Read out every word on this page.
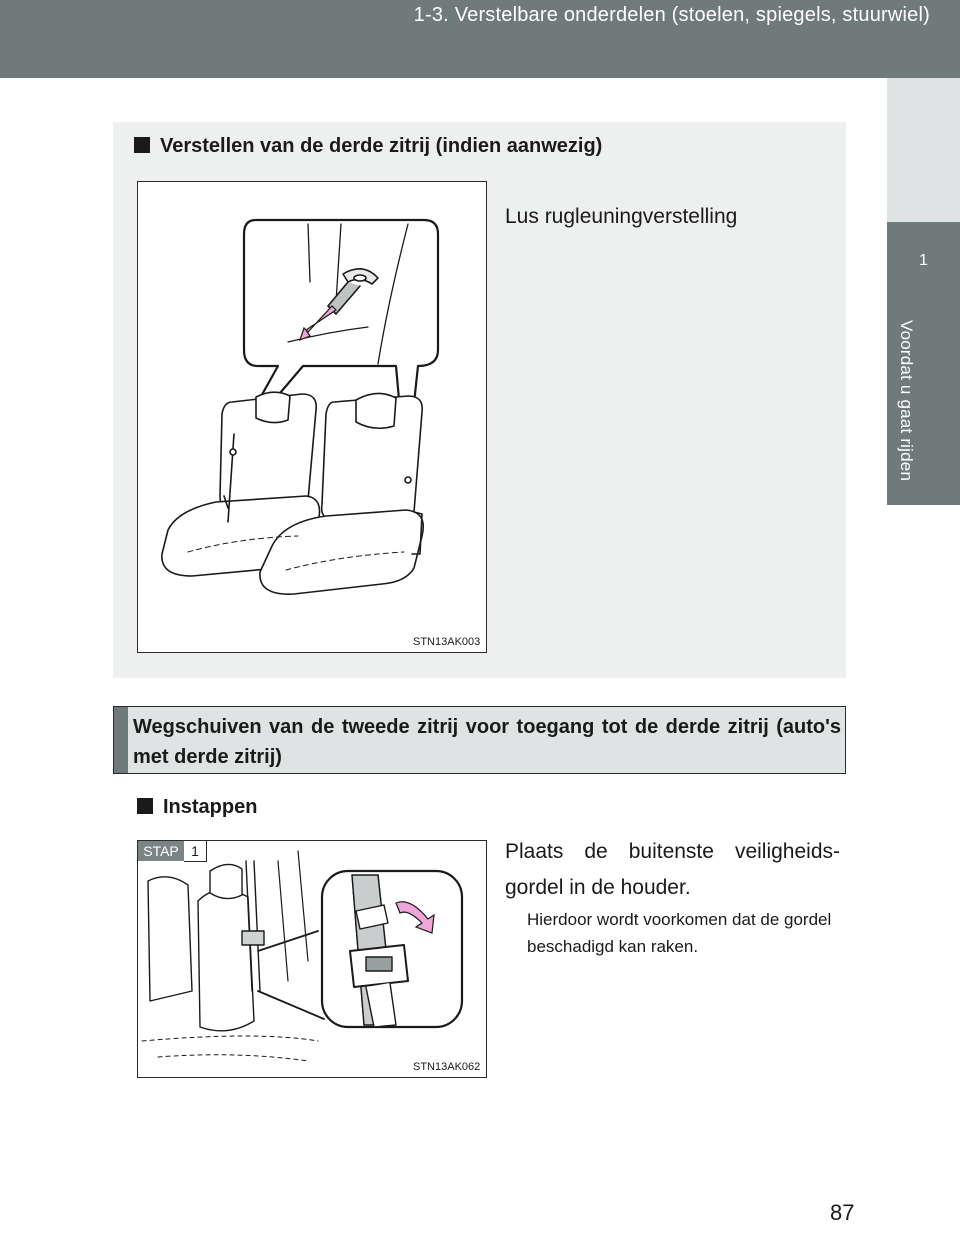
1-3. Verstelbare onderdelen (stoelen, spiegels, stuurwiel)
1
Voordat u gaat rijden
Verstellen van de derde zitrij (indien aanwezig)
STN13AK003
Lus rugleuningverstelling
Wegschuiven van de tweede zitrij voor toegang tot de derde zitrij (auto's met derde zitrij)
Instappen
STAP 1
STN13AK062
Plaats de buitenste veiligheids-gordel in de houder.
Hierdoor wordt voorkomen dat de gordel beschadigd kan raken.
87
